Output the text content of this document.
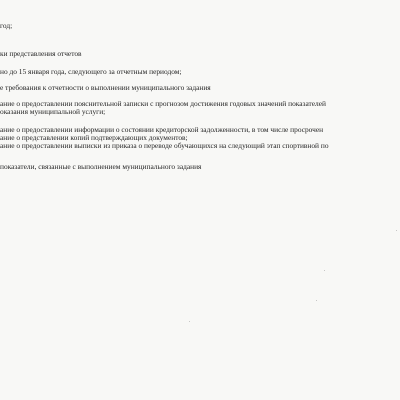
год;
ки представления отчетов
но до 15 января года, следующего за отчетным периодом;
е требования к отчетности о выполнении муниципального задания
ание о предоставлении пояснительной записки с прогнозом достижения годовых значений показателей
оказания муниципальной услуги;
ание о предоставлении информации о состоянии кредиторской задолженности, в том числе просрочен
ание о представлении копий подтверждающих документов;
ание о предоставлении выписки из приказа о переводе обучающихся на следующий этап спортивной по
показатели, связанные с выполнением муниципального задания
